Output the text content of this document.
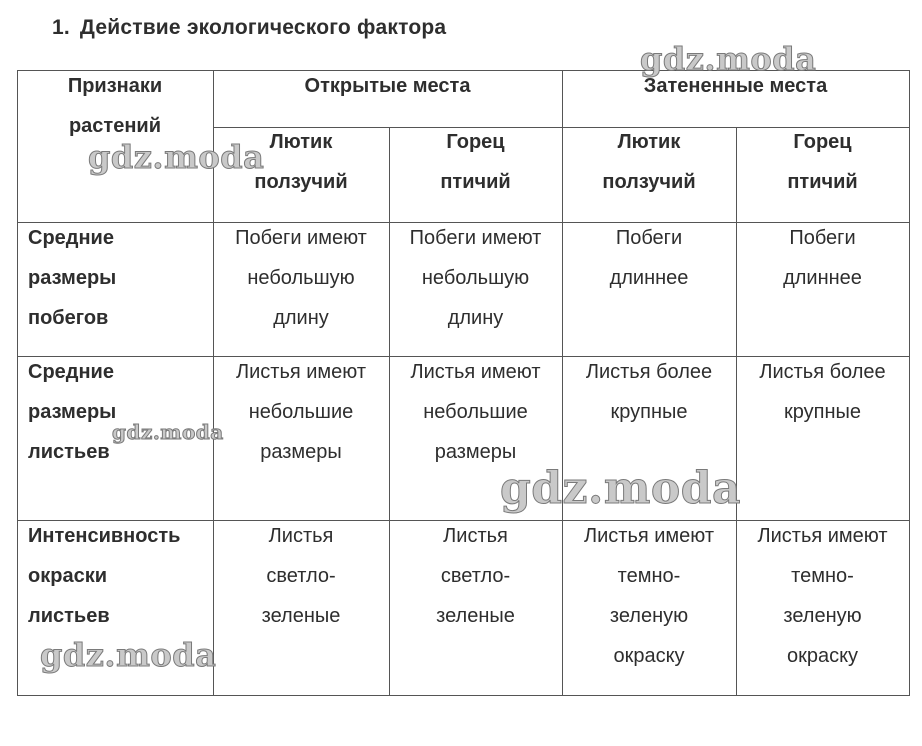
1. Действие экологического фактора
Признаки
растений
Открытые места	Затененные места
Лютик
ползучий
Горец
птичий
Лютик
ползучий
Горец
птичий
Средние
размеры
побегов
Побеги имеют
небольшую
длину
Побеги имеют
небольшую
длину
Побеги
длиннее
Побеги
длиннее
Средние
размеры
листьев
Листья имеют
небольшие
размеры
Листья имеют
небольшие
размеры
Листья более
крупные
Листья более
крупные
Интенсивность
окраски
листьев
Листья
светло-
зеленые
Листья
светло-
зеленые
Листья имеют
темно-
зеленую
окраску
Листья имеют
темно-
зеленую
окраску
gdz.moda
gdz.moda
gdz.moda
gdz.moda
gdz.moda
